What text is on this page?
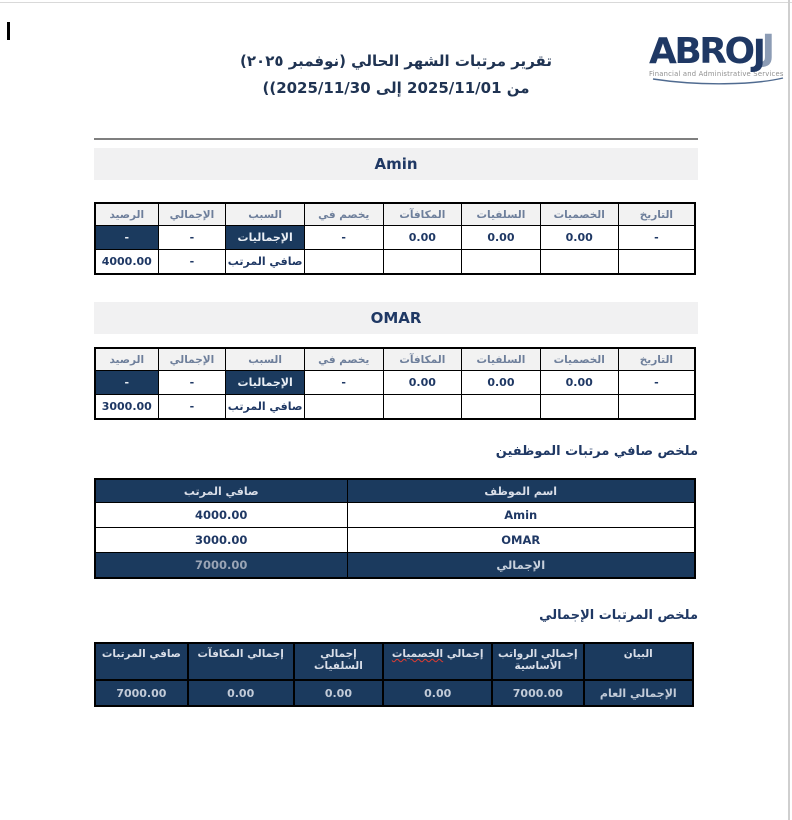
ABRO J
J
Financial and Administrative Services
تقرير مرتبات الشهر الحالي (نوفمبر ٢٠٢٥)
((من 2025/11/01 إلى 2025/11/30
Amin
التاريخ	الخصميات	السلفيات	المكافآت	يخصم في	السبب	الإجمالي	الرصيد
-	0.00	0.00	0.00	-	الإجماليات	-	-
					صافي المرتب	-	4000.00
OMAR
التاريخ	الخصميات	السلفيات	المكافآت	يخصم في	السبب	الإجمالي	الرصيد
-	0.00	0.00	0.00	-	الإجماليات	-	-
					صافي المرتب	-	3000.00
ملخص صافي مرتبات الموظفين
اسم الموظف	صافي المرتب
Amin	4000.00
OMAR	3000.00
الإجمالي	7000.00
ملخص المرتبات الإجمالي
البيان	إجمالي الرواتب الأساسية	إجمالي الخصميات	إجمالي السلفيات	إجمالي المكافآت	صافي المرتبات
الإجمالي العام	7000.00	0.00	0.00	0.00	7000.00
